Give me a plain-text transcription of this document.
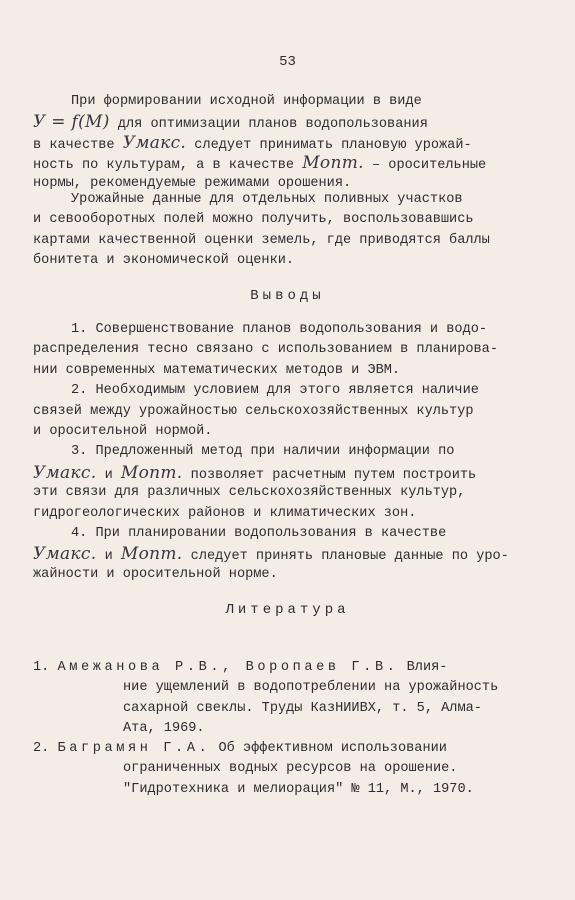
53
При формировании исходной информации в виде
У = f(M) для оптимизации планов водопользования
в качестве Умакс. следует принимать плановую урожай-
ность по культурам, а в качестве Мопт. – оросительные
нормы, рекомендуемые режимами орошения.
Урожайные данные для отдельных поливных участков
и севооборотных полей можно получить, воспользовавшись
картами качественной оценки земель, где приводятся баллы
бонитета и экономической оценки.
Выводы
1. Совершенствование планов водопользования и водо-
распределения тесно связано с использованием в планирова-
нии современных математических методов и ЭВМ.
2. Необходимым условием для этого является наличие
связей между урожайностью сельскохозяйственных культур
и оросительной нормой.
3. Предложенный метод при наличии информации по
Умакс. и Мопт. позволяет расчетным путем построить
эти связи для различных сельскохозяйственных культур,
гидрогеологических районов и климатических зон.
4. При планировании водопользования в качестве
Умакс. и Мопт. следует принять плановые данные по уро-
жайности и оросительной норме.
Литература
1. Амежанова Р.В., Воропаев Г.В. Влия-
ние ущемлений в водопотреблении на урожайность
сахарной свеклы. Труды КазНИИВХ, т. 5, Алма-
Ата, 1969.
2. Баграмян Г.А. Об эффективном использовании
ограниченных водных ресурсов на орошение.
"Гидротехника и мелиорация" № 11, М., 1970.
